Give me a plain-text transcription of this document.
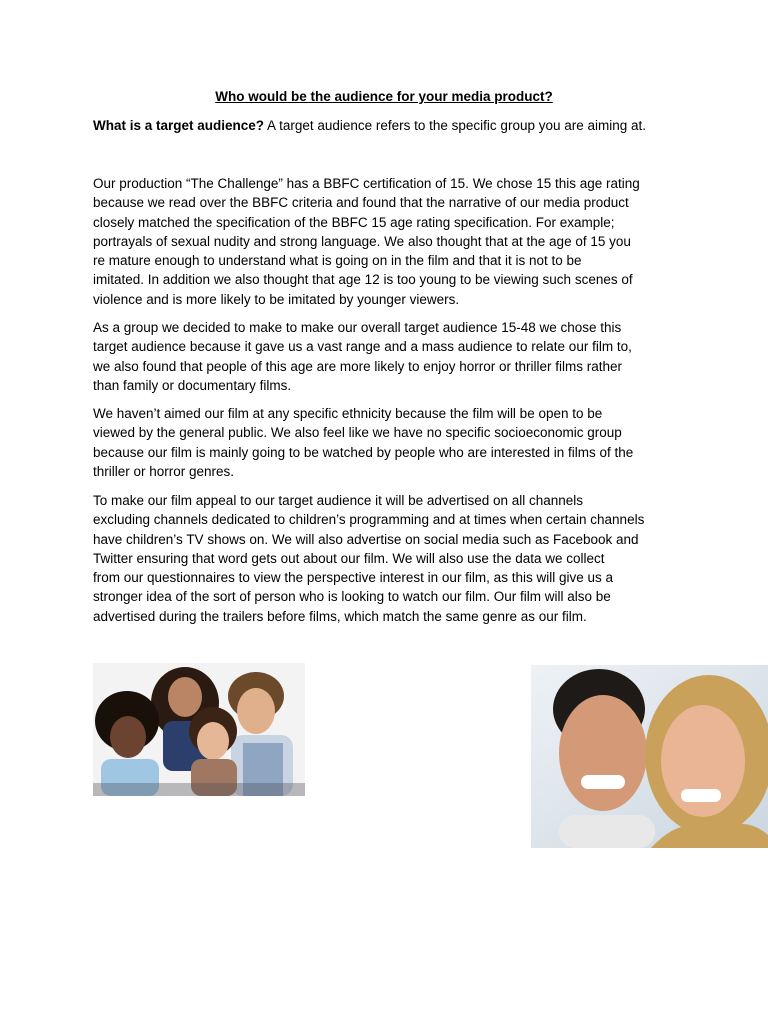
Who would be the audience for your media product?
What is a target audience? A target audience refers to the specific group you are aiming at.

Our production “The Challenge” has a BBFC certification of 15. We chose 15 this age rating
because we read over the BBFC criteria and found that the narrative of our media product
closely matched the specification of the BBFC 15 age rating specification. For example;
portrayals of sexual nudity and strong language. We also thought that at the age of 15 you
re mature enough to understand what is going on in the film and that it is not to be
imitated. In addition we also thought that age 12 is too young to be viewing such scenes of
violence and is more likely to be imitated by younger viewers.

As a group we decided to make to make our overall target audience 15-48 we chose this
target audience because it gave us a vast range and a mass audience to relate our film to,
we also found that people of this age are more likely to enjoy horror or thriller films rather
than family or documentary films.

We haven’t aimed our film at any specific ethnicity because the film will be open to be
viewed by the general public. We also feel like we have no specific socioeconomic group
because our film is mainly going to be watched by people who are interested in films of the
thriller or horror genres.

To make our film appeal to our target audience it will be advertised on all channels
excluding channels dedicated to children’s programming and at times when certain channels
have children’s TV shows on. We will also advertise on social media such as Facebook and
Twitter ensuring that word gets out about our film. We will also use the data we collect
from our questionnaires to view the perspective interest in our film, as this will give us a
stronger idea of the sort of person who is looking to watch our film. Our film will also be
advertised during the trailers before films, which match the same genre as our film.
